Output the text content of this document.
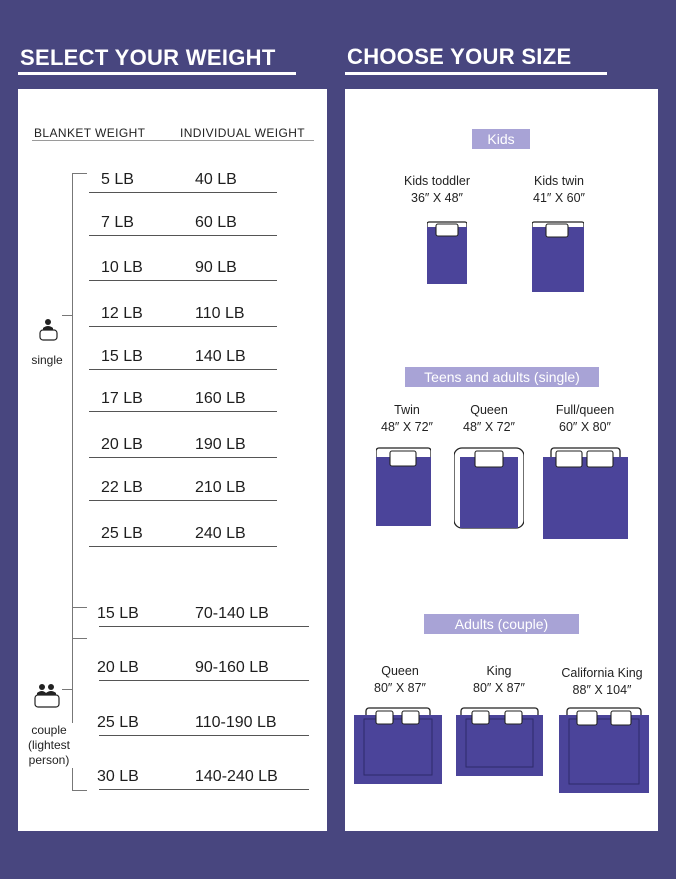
SELECT YOUR WEIGHT	CHOOSE YOUR SIZE
BLANKET WEIGHT	INDIVIDUAL WEIGHT
single
5 LB	40 LB
7 LB	60 LB
10 LB	90 LB
12 LB	110 LB
15 LB	140 LB
17 LB	160 LB
20 LB	190 LB
22 LB	210 LB
25 LB	240 LB
couple
(lightest
person)
15 LB	70-140 LB
20 LB	90-160 LB
25 LB	110-190 LB
30 LB	140-240 LB
Kids
Teens and adults (single)
Adults (couple)
Kids toddler
36″ X 48″
Kids twin
41″ X 60″
Twin
48″ X 72″
Queen
48″ X 72″
Full/queen
60″ X 80″
Queen
80″ X 87″
King
80″ X 87″
California King
88″ X 104″
